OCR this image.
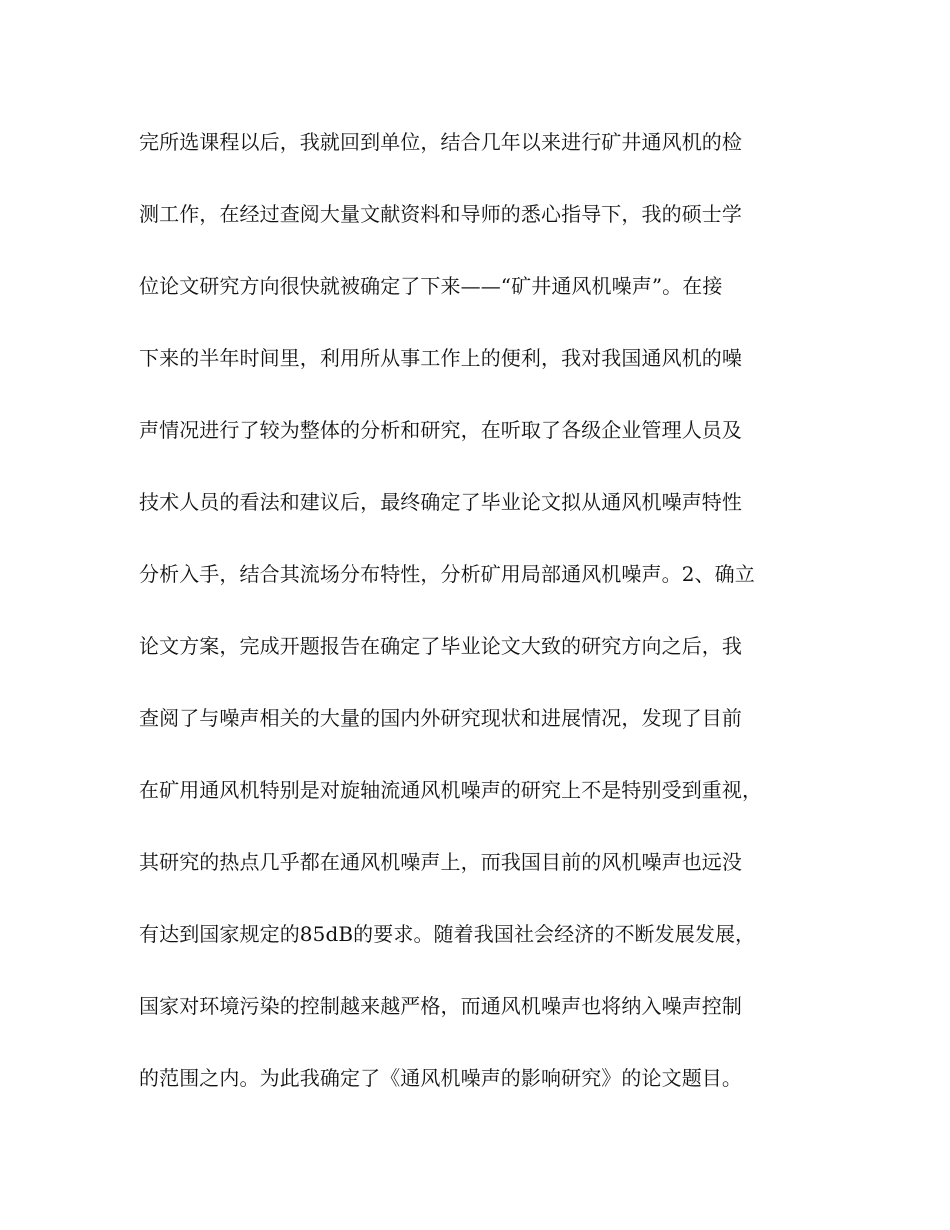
完所选课程以后，我就回到单位，结合几年以来进行矿井通风机的检
测工作，在经过查阅大量文献资料和导师的悉心指导下，我的硕士学
位论文研究方向很快就被确定了下来——“矿井通风机噪声”。在接
下来的半年时间里，利用所从事工作上的便利，我对我国通风机的噪
声情况进行了较为整体的分析和研究，在听取了各级企业管理人员及
技术人员的看法和建议后，最终确定了毕业论文拟从通风机噪声特性
分析入手，结合其流场分布特性，分析矿用局部通风机噪声。2、确立
论文方案，完成开题报告在确定了毕业论文大致的研究方向之后，我
查阅了与噪声相关的大量的国内外研究现状和进展情况，发现了目前
在矿用通风机特别是对旋轴流通风机噪声的研究上不是特别受到重视，
其研究的热点几乎都在通风机噪声上，而我国目前的风机噪声也远没
有达到国家规定的85dB的要求。随着我国社会经济的不断发展发展，
国家对环境污染的控制越来越严格，而通风机噪声也将纳入噪声控制
的范围之内。为此我确定了《通风机噪声的影响研究》的论文题目。
